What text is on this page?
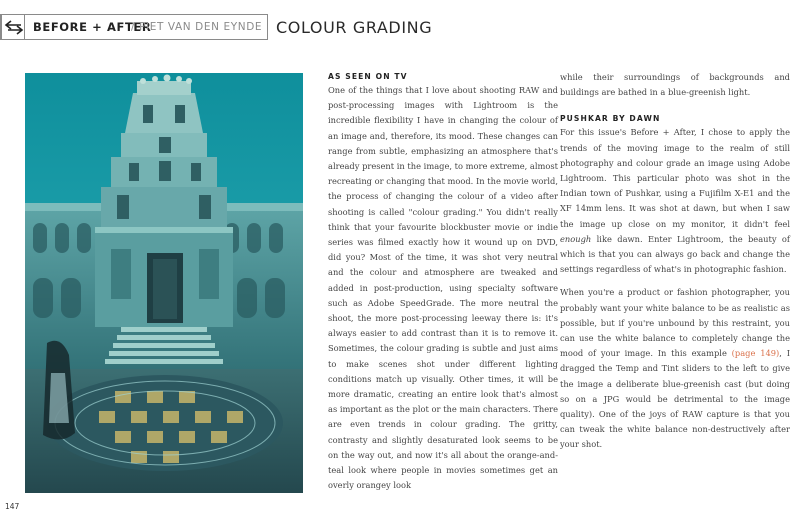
BEFORE + AFTER
/ PIET VAN DEN EYNDE COLOUR GRADING
AS SEEN ON TV

One of the things that I love about shooting RAW and post-processing images with Lightroom is the incredible flexibility I have in changing the colour of an image and, therefore, its mood. These changes can range from subtle, emphasizing an atmosphere that's already present in the image, to more extreme, almost recreating or changing that mood. In the movie world, the process of changing the colour of a video after shooting is called "colour grading." You didn't really think that your favourite blockbuster movie or indie series was filmed exactly how it wound up on DVD, did you? Most of the time, it was shot very neutral and the colour and atmosphere are tweaked and added in post-production, using specialty software such as Adobe SpeedGrade. The more neutral the shoot, the more post-processing leeway there is: it's always easier to add contrast than it is to remove it. Sometimes, the colour grading is subtle and just aims to make scenes shot under different lighting conditions match up visually. Other times, it will be more dramatic, creating an entire look that's almost as important as the plot or the main characters. There are even trends in colour grading. The gritty, contrasty and slightly desaturated look seems to be on the way out, and now it's all about the orange-and-teal look where people in movies sometimes get an overly orangey look

while their surroundings of backgrounds and buildings are bathed in a blue-greenish light.

PUSHKAR BY DAWN

For this issue's Before + After, I chose to apply the trends of the moving image to the realm of still photography and colour grade an image using Adobe Lightroom. This particular photo was shot in the Indian town of Pushkar, using a Fujifilm X-E1 and the XF 14mm lens. It was shot at dawn, but when I saw the image up close on my monitor, it didn't feel enough like dawn. Enter Lightroom, the beauty of which is that you can always go back and change the settings regardless of what's in photographic fashion.

When you're a product or fashion photographer, you probably want your white balance to be as realistic as possible, but if you're unbound by this restraint, you can use the white balance to completely change the mood of your image. In this example (page 149), I dragged the Temp and Tint sliders to the left to give the image a deliberate blue-greenish cast (but doing so on a JPG would be detrimental to the image quality). One of the joys of RAW capture is that you can tweak the white balance non-destructively after your shot.

147
